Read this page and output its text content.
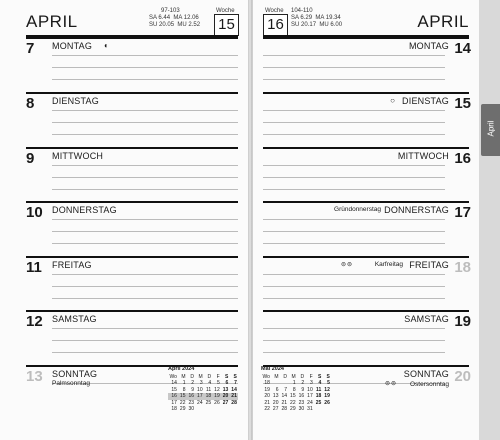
APRIL
97-103
SA 6.44 MA 12.06
SU 20.05 MU 2.52
Woche
15
7 MONTAG ◐
8 DIENSTAG
9 MITTWOCH
10 DONNERSTAG
11 FREITAG
12 SAMSTAG
13 SONNTAG
Palmsonntag
April 2024
Wo	M	D	M	D	F	S	S
14	1	2	3	4	5	6	7
15	8	9	10	11	12	13	14
16	15	16	17	18	19	20	21
17	22	23	24	25	26	27	28
18	29	30					
Woche
16
104-110
SA 6.29 MA 19.34
SU 20.17 MU 6.00	APRIL
14
MONTAG
15
DIENSTAG
○
16
MITTWOCH
17
DONNERSTAG
Gründonnerstag
18
FREITAG
Karfreitag
⊜⊜
19
SAMSTAG
20
SONNTAG
Ostersonntag
⊜⊜
Mai 2024
Wo	M	D	M	D	F	S	S
18			1	2	3	4	5
19	6	7	8	9	10	11	12
20	13	14	15	16	17	18	19
21	20	21	22	23	24	25	26
22	27	28	29	30	31		
April
